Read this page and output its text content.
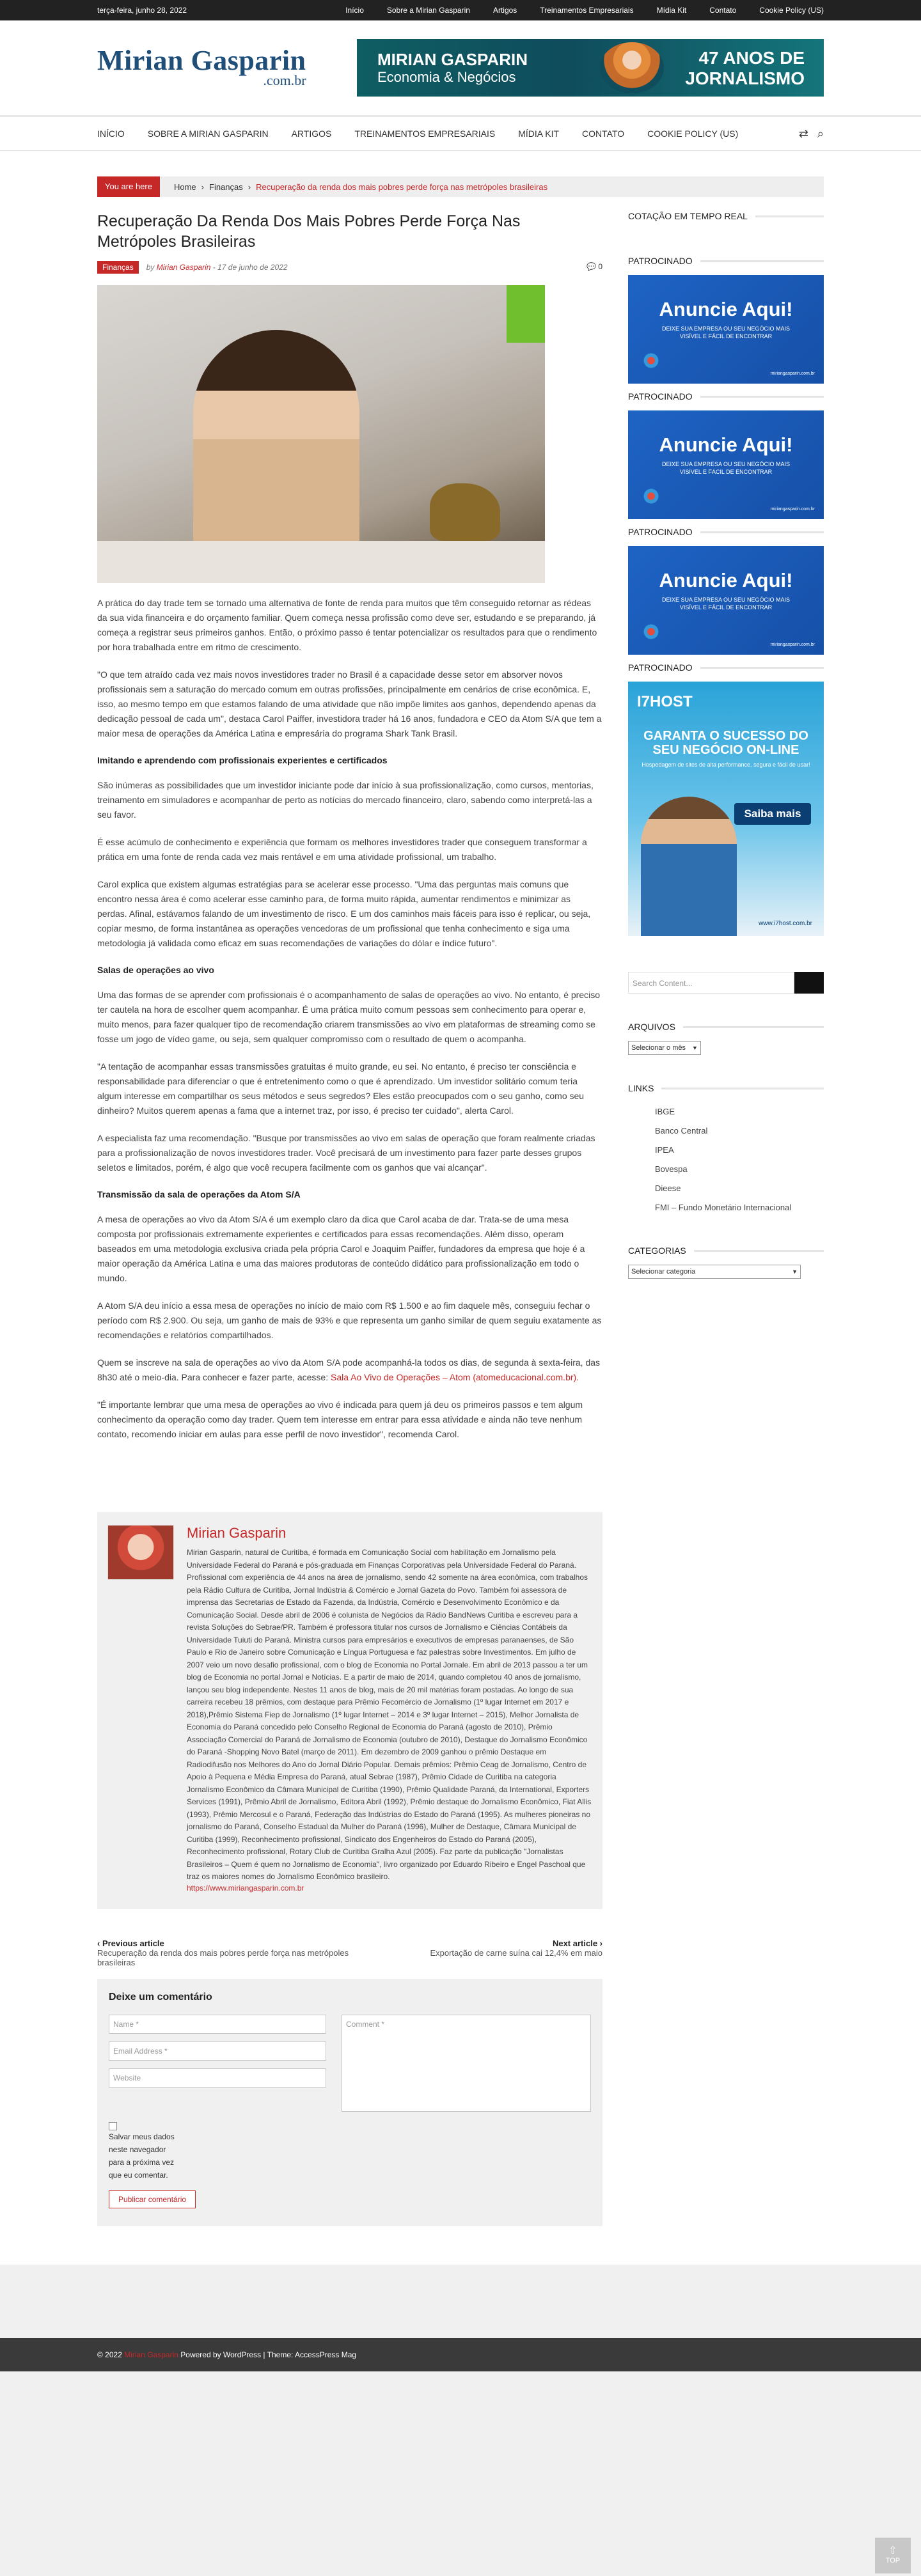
terça-feira, junho 28, 2022	Início	Sobre a Mirian Gasparin	Artigos	Treinamentos Empresariais	Mídia Kit	Contato	Cookie Policy (US)
Mirian Gasparin
.com.br
MIRIAN GASPARIN
Economia & Negócios
47 ANOS DE
JORNALISMO
INÍCIO	SOBRE A MIRIAN GASPARIN	ARTIGOS	TREINAMENTOS EMPRESARIAIS	MÍDIA KIT	CONTATO	COOKIE POLICY (US)	⇄ ⌕
You are here	Home › Finanças › Recuperação da renda dos mais pobres perde força nas metrópoles brasileiras
Recuperação Da Renda Dos Mais Pobres Perde Força Nas Metrópoles Brasileiras
Finanças	by Mirian Gasparin - 17 de junho de 2022	💬 0

A prática do day trade tem se tornado uma alternativa de fonte de renda para muitos que têm conseguido retornar as rédeas da sua vida financeira e do orçamento familiar. Quem começa nessa profissão como deve ser, estudando e se preparando, já começa a registrar seus primeiros ganhos. Então, o próximo passo é tentar potencializar os resultados para que o rendimento por hora trabalhada entre em ritmo de crescimento.

"O que tem atraído cada vez mais novos investidores trader no Brasil é a capacidade desse setor em absorver novos profissionais sem a saturação do mercado comum em outras profissões, principalmente em cenários de crise econômica. E, isso, ao mesmo tempo em que estamos falando de uma atividade que não impõe limites aos ganhos, dependendo apenas da dedicação pessoal de cada um", destaca Carol Paiffer, investidora trader há 16 anos, fundadora e CEO da Atom S/A que tem a maior mesa de operações da América Latina e empresária do programa Shark Tank Brasil.

Imitando e aprendendo com profissionais experientes e certificados

São inúmeras as possibilidades que um investidor iniciante pode dar início à sua profissionalização, como cursos, mentorias, treinamento em simuladores e acompanhar de perto as notícias do mercado financeiro, claro, sabendo como interpretá-las a seu favor.

É esse acúmulo de conhecimento e experiência que formam os melhores investidores trader que conseguem transformar a prática em uma fonte de renda cada vez mais rentável e em uma atividade profissional, um trabalho.

Carol explica que existem algumas estratégias para se acelerar esse processo. "Uma das perguntas mais comuns que encontro nessa área é como acelerar esse caminho para, de forma muito rápida, aumentar rendimentos e minimizar as perdas. Afinal, estávamos falando de um investimento de risco. E um dos caminhos mais fáceis para isso é replicar, ou seja, copiar mesmo, de forma instantânea as operações vencedoras de um profissional que tenha conhecimento e siga uma metodologia já validada como eficaz em suas recomendações de variações do dólar e índice futuro".

Salas de operações ao vivo

Uma das formas de se aprender com profissionais é o acompanhamento de salas de operações ao vivo. No entanto, é preciso ter cautela na hora de escolher quem acompanhar. É uma prática muito comum pessoas sem conhecimento para operar e, muito menos, para fazer qualquer tipo de recomendação criarem transmissões ao vivo em plataformas de streaming como se fosse um jogo de vídeo game, ou seja, sem qualquer compromisso com o resultado de quem o acompanha.

"A tentação de acompanhar essas transmissões gratuitas é muito grande, eu sei. No entanto, é preciso ter consciência e responsabilidade para diferenciar o que é entretenimento como o que é aprendizado. Um investidor solitário comum teria algum interesse em compartilhar os seus métodos e seus segredos? Eles estão preocupados com o seu ganho, como seu dinheiro? Muitos querem apenas a fama que a internet traz, por isso, é preciso ter cuidado", alerta Carol.

A especialista faz uma recomendação. "Busque por transmissões ao vivo em salas de operação que foram realmente criadas para a profissionalização de novos investidores trader. Você precisará de um investimento para fazer parte desses grupos seletos e limitados, porém, é algo que você recupera facilmente com os ganhos que vai alcançar".

Transmissão da sala de operações da Atom S/A

A mesa de operações ao vivo da Atom S/A é um exemplo claro da dica que Carol acaba de dar. Trata-se de uma mesa composta por profissionais extremamente experientes e certificados para essas recomendações. Além disso, operam baseados em uma metodologia exclusiva criada pela própria Carol e Joaquim Paiffer, fundadores da empresa que hoje é a maior operação da América Latina e uma das maiores produtoras de conteúdo didático para profissionalização em todo o mundo.

A Atom S/A deu início a essa mesa de operações no início de maio com R$ 1.500 e ao fim daquele mês, conseguiu fechar o período com R$ 2.900. Ou seja, um ganho de mais de 93% e que representa um ganho similar de quem seguiu exatamente as recomendações e relatórios compartilhados.

Quem se inscreve na sala de operações ao vivo da Atom S/A pode acompanhá-la todos os dias, de segunda à sexta-feira, das 8h30 até o meio-dia. Para conhecer e fazer parte, acesse: Sala Ao Vivo de Operações – Atom (atomeducacional.com.br).

"É importante lembrar que uma mesa de operações ao vivo é indicada para quem já deu os primeiros passos e tem algum conhecimento da operação como day trader. Quem tem interesse em entrar para essa atividade e ainda não teve nenhum contato, recomendo iniciar em aulas para esse perfil de novo investidor", recomenda Carol.

Mirian Gasparin
Mirian Gasparin, natural de Curitiba, é formada em Comunicação Social com habilitação em Jornalismo pela Universidade Federal do Paraná e pós-graduada em Finanças Corporativas pela Universidade Federal do Paraná. Profissional com experiência de 44 anos na área de jornalismo, sendo 42 somente na área econômica, com trabalhos pela Rádio Cultura de Curitiba, Jornal Indústria & Comércio e Jornal Gazeta do Povo. Também foi assessora de imprensa das Secretarias de Estado da Fazenda, da Indústria, Comércio e Desenvolvimento Econômico e da Comunicação Social. Desde abril de 2006 é colunista de Negócios da Rádio BandNews Curitiba e escreveu para a revista Soluções do Sebrae/PR. Também é professora titular nos cursos de Jornalismo e Ciências Contábeis da Universidade Tuiuti do Paraná. Ministra cursos para empresários e executivos de empresas paranaenses, de São Paulo e Rio de Janeiro sobre Comunicação e Língua Portuguesa e faz palestras sobre Investimentos. Em julho de 2007 veio um novo desafio profissional, com o blog de Economia no Portal Jornale. Em abril de 2013 passou a ter um blog de Economia no portal Jornal e Notícias. E a partir de maio de 2014, quando completou 40 anos de jornalismo, lançou seu blog independente. Nestes 11 anos de blog, mais de 20 mil matérias foram postadas. Ao longo de sua carreira recebeu 18 prêmios, com destaque para Prêmio Fecomércio de Jornalismo (1º lugar Internet em 2017 e 2018),Prêmio Sistema Fiep de Jornalismo (1º lugar Internet – 2014 e 3º lugar Internet – 2015), Melhor Jornalista de Economia do Paraná concedido pelo Conselho Regional de Economia do Paraná (agosto de 2010), Prêmio Associação Comercial do Paraná de Jornalismo de Economia (outubro de 2010), Destaque do Jornalismo Econômico do Paraná -Shopping Novo Batel (março de 2011). Em dezembro de 2009 ganhou o prêmio Destaque em Radiodifusão nos Melhores do Ano do Jornal Diário Popular. Demais prêmios: Prêmio Ceag de Jornalismo, Centro de Apoio à Pequena e Média Empresa do Paraná, atual Sebrae (1987), Prêmio Cidade de Curitiba na categoria Jornalismo Econômico da Câmara Municipal de Curitiba (1990), Prêmio Qualidade Paraná, da International, Exporters Services (1991), Prêmio Abril de Jornalismo, Editora Abril (1992), Prêmio destaque do Jornalismo Econômico, Fiat Allis (1993), Prêmio Mercosul e o Paraná, Federação das Indústrias do Estado do Paraná (1995). As mulheres pioneiras no jornalismo do Paraná, Conselho Estadual da Mulher do Paraná (1996), Mulher de Destaque, Câmara Municipal de Curitiba (1999), Reconhecimento profissional, Sindicato dos Engenheiros do Estado do Paraná (2005), Reconhecimento profissional, Rotary Club de Curitiba Gralha Azul (2005). Faz parte da publicação "Jornalistas Brasileiros – Quem é quem no Jornalismo de Economia", livro organizado por Eduardo Ribeiro e Engel Paschoal que traz os maiores nomes do Jornalismo Econômico brasileiro.
https://www.miriangasparin.com.br
‹ Previous article
Recuperação da renda dos mais pobres perde força nas metrópoles brasileiras
Next article ›
Exportação de carne suína cai 12,4% em maio
Deixe um comentário
Name *
Email Address *
Website
Comment *
Salvar meus dados neste navegador para a próxima vez que eu comentar.
Publicar comentário
COTAÇÃO EM TEMPO REAL
PATROCINADO
Anuncie Aqui!
DEIXE SUA EMPRESA OU SEU NEGÓCIO MAIS
VISÍVEL E FÁCIL DE ENCONTRAR
miriangasparin.com.br
PATROCINADO
Anuncie Aqui!
DEIXE SUA EMPRESA OU SEU NEGÓCIO MAIS
VISÍVEL E FÁCIL DE ENCONTRAR
miriangasparin.com.br
PATROCINADO
Anuncie Aqui!
DEIXE SUA EMPRESA OU SEU NEGÓCIO MAIS
VISÍVEL E FÁCIL DE ENCONTRAR
miriangasparin.com.br
PATROCINADO
I7HOST
GARANTA O SUCESSO DO
SEU NEGÓCIO ON-LINE
Hospedagem de sites de alta performance, segura e fácil de usar!
Saiba mais
www.i7host.com.br
Search Content...
ARQUIVOS
Selecionar o mês ▼
LINKS
IBGE
Banco Central
IPEA
Bovespa
Dieese
FMI – Fundo Monetário Internacional
CATEGORIAS
Selecionar categoria	▼
© 2022 Mirian Gasparin Powered by WordPress | Theme: AccessPress Mag
⇧
TOP
